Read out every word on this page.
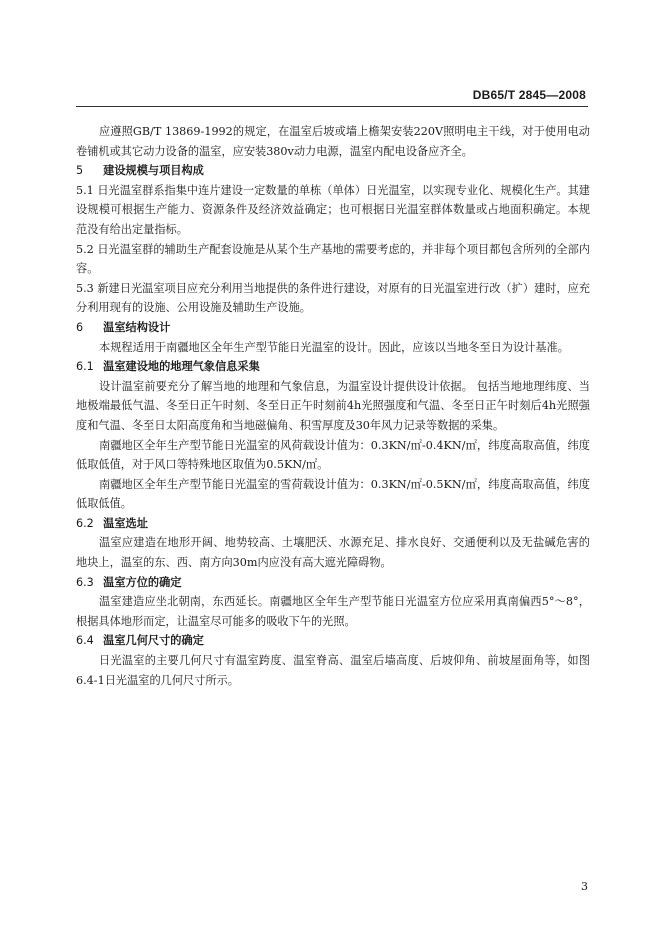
DB65/T 2845—2008

应遵照GB/T 13869-1992的规定，在温室后坡或墙上檐架安装220V照明电主干线，对于使用电动卷铺机或其它动力设备的温室，应安装380v动力电源，温室内配电设备应齐全。

5 建设规模与项目构成

5.1 日光温室群系指集中连片建设一定数量的单栋（单体）日光温室，以实现专业化、规模化生产。其建设规模可根据生产能力、资源条件及经济效益确定；也可根据日光温室群体数量或占地面积确定。本规范没有给出定量指标。

5.2 日光温室群的辅助生产配套设施是从某个生产基地的需要考虑的，并非每个项目都包含所列的全部内容。

5.3 新建日光温室项目应充分利用当地提供的条件进行建设，对原有的日光温室进行改（扩）建时，应充分利用现有的设施、公用设施及辅助生产设施。

6 温室结构设计

本规程适用于南疆地区全年生产型节能日光温室的设计。因此，应该以当地冬至日为设计基准。

6.1 温室建设地的地理气象信息采集

设计温室前要充分了解当地的地理和气象信息，为温室设计提供设计依据。 包括当地地理纬度、当地极端最低气温、冬至日正午时刻、冬至日正午时刻前4h光照强度和气温、冬至日正午时刻后4h光照强度和气温、冬至日太阳高度角和当地磁偏角、积雪厚度及30年风力记录等数据的采集。

南疆地区全年生产型节能日光温室的风荷载设计值为：0.3KN/㎡-0.4KN/㎡，纬度高取高值，纬度低取低值，对于风口等特殊地区取值为0.5KN/㎡。

南疆地区全年生产型节能日光温室的雪荷载设计值为：0.3KN/㎡-0.5KN/㎡，纬度高取高值，纬度低取低值。

6.2 温室选址

温室应建造在地形开阔、地势较高、土壤肥沃、水源充足、排水良好、交通便利以及无盐碱危害的地块上，温室的东、西、南方向30m内应没有高大遮光障碍物。

6.3 温室方位的确定

温室建造应坐北朝南，东西延长。南疆地区全年生产型节能日光温室方位应采用真南偏西5°～8°，根据具体地形而定，让温室尽可能多的吸收下午的光照。

6.4 温室几何尺寸的确定

日光温室的主要几何尺寸有温室跨度、温室脊高、温室后墙高度、后坡仰角、前坡屋面角等，如图6.4-1日光温室的几何尺寸所示。

3
